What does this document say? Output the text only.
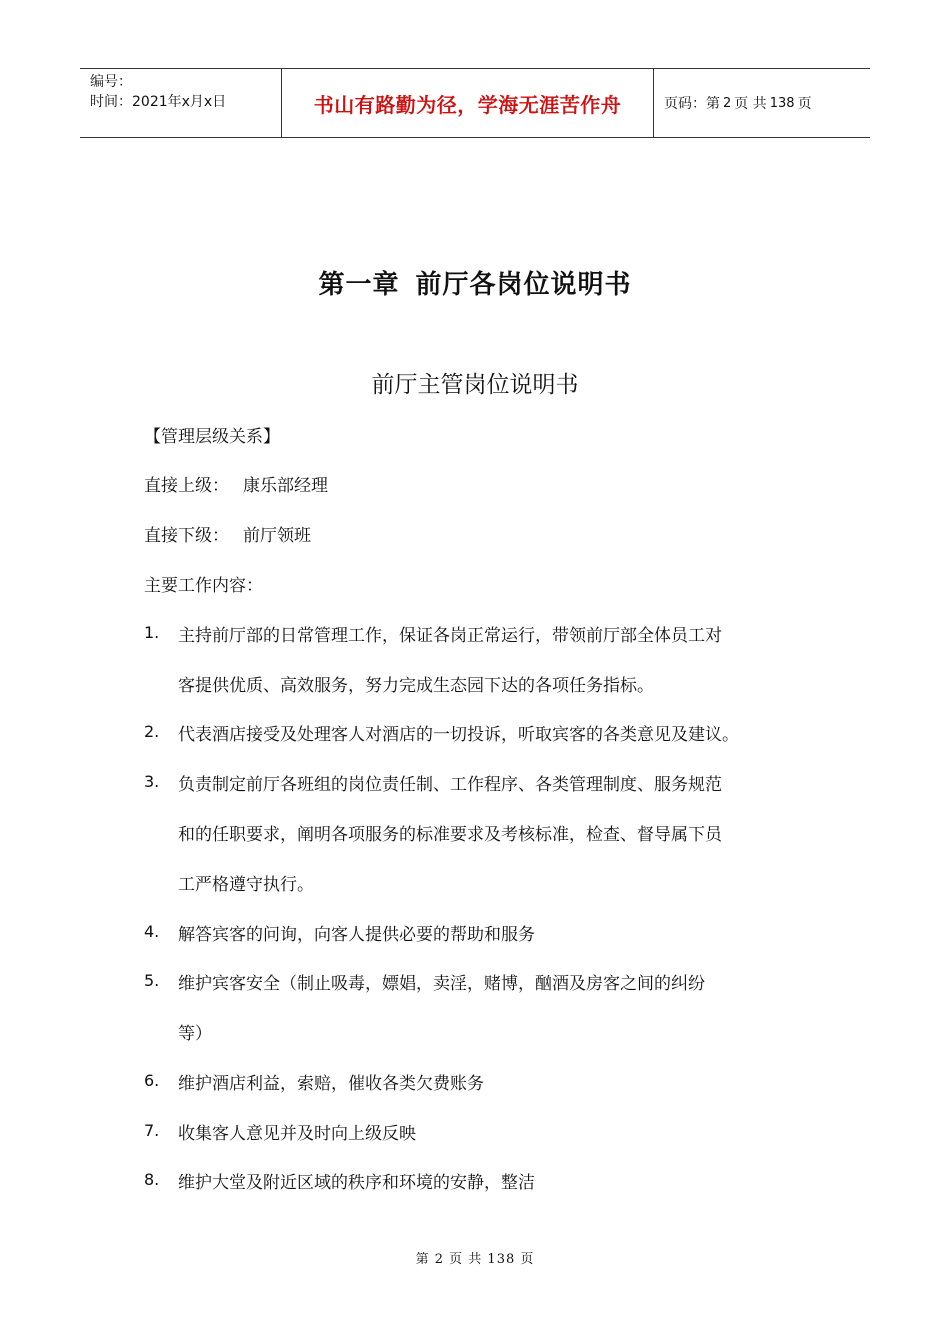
编号：
时间：2021年x月x日	书山有路勤为径，学海无涯苦作舟	页码：第 2 页 共 138 页
第一章 前厅各岗位说明书
前厅主管岗位说明书
【管理层级关系】
直接上级： 康乐部经理
直接下级： 前厅领班
主要工作内容：
1. 主持前厅部的日常管理工作，保证各岗正常运行，带领前厅部全体员工对
客提供优质、高效服务，努力完成生态园下达的各项任务指标。
2. 代表酒店接受及处理客人对酒店的一切投诉，听取宾客的各类意见及建议。
3. 负责制定前厅各班组的岗位责任制、工作程序、各类管理制度、服务规范
和的任职要求，阐明各项服务的标准要求及考核标准，检查、督导属下员
工严格遵守执行。
4. 解答宾客的问询，向客人提供必要的帮助和服务
5. 维护宾客安全（制止吸毒，嫖娼，卖淫，赌博，酗酒及房客之间的纠纷
等）
6. 维护酒店利益，索赔，催收各类欠费账务
7. 收集客人意见并及时向上级反映
8. 维护大堂及附近区域的秩序和环境的安静，整洁
第 2 页 共 138 页
